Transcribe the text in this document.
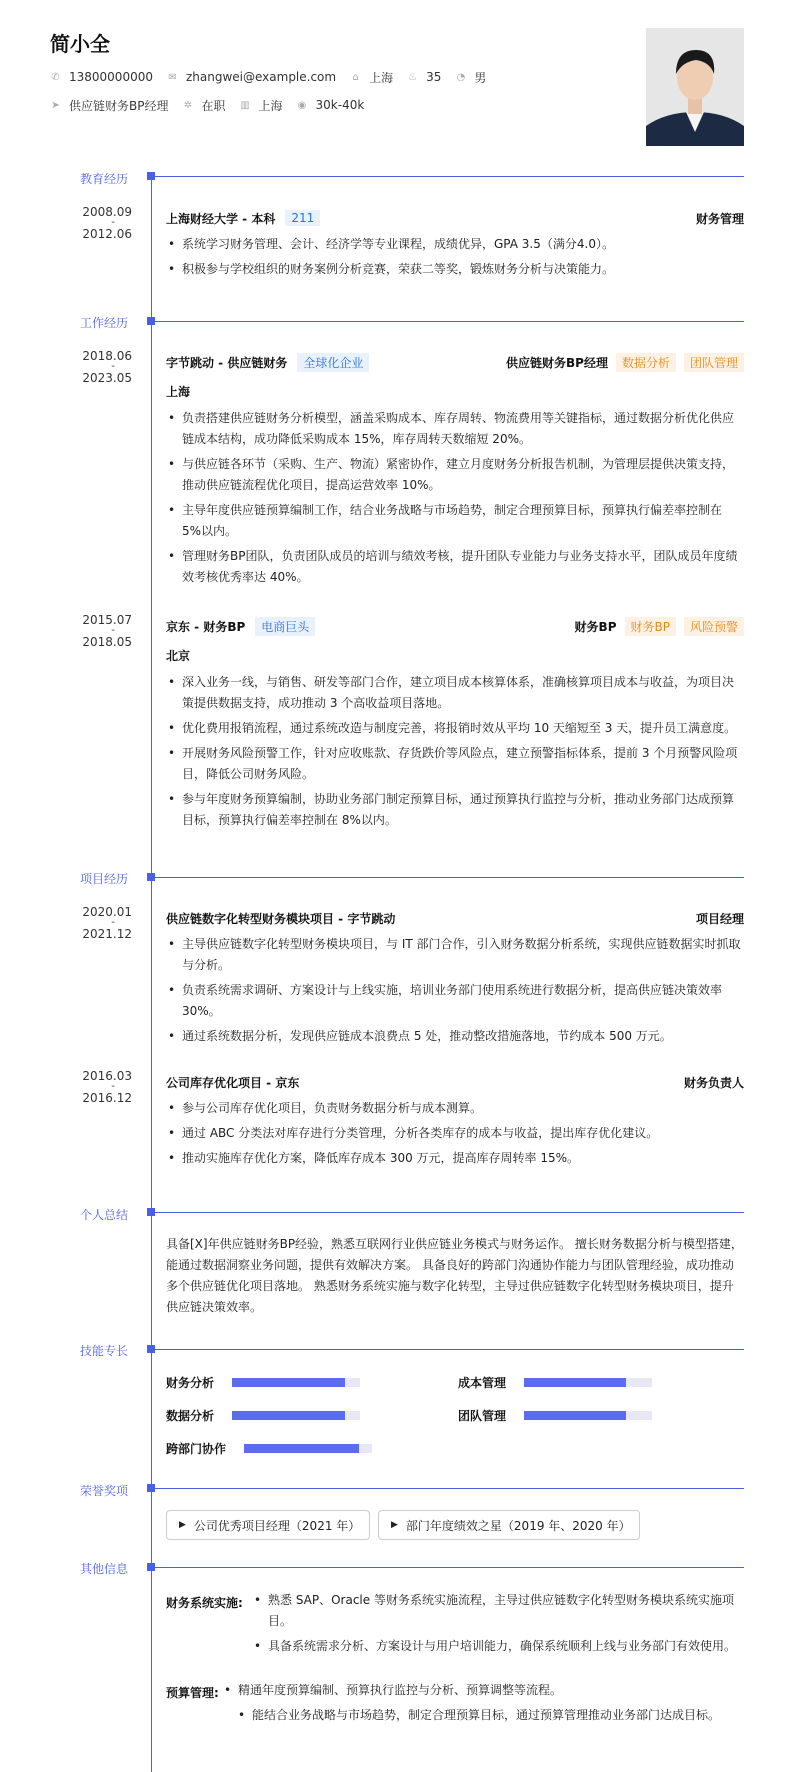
简小全
✆ 13800000000 ✉ zhangwei@example.com ⌂ 上海 ♨ 35 ◔ 男
➤ 供应链财务BP经理 ✲ 在职 ▥ 上海 ◉ 30k-40k
教育经历
2008.09
-
2012.06
上海财经大学 - 本科	211	财务管理
• 系统学习财务管理、会计、经济学等专业课程，成绩优异，GPA 3.5（满分4.0）。
• 积极参与学校组织的财务案例分析竞赛，荣获二等奖，锻炼财务分析与决策能力。
工作经历
2018.06
-
2023.05
字节跳动 - 供应链财务	全球化企业	供应链财务BP经理	数据分析	团队管理
上海
• 负责搭建供应链财务分析模型，涵盖采购成本、库存周转、物流费用等关键指标，通过数据分析优化供应链成本结构，成功降低采购成本 15%，库存周转天数缩短 20%。
• 与供应链各环节（采购、生产、物流）紧密协作，建立月度财务分析报告机制，为管理层提供决策支持，推动供应链流程优化项目，提高运营效率 10%。
• 主导年度供应链预算编制工作，结合业务战略与市场趋势，制定合理预算目标，预算执行偏差率控制在 5%以内。
• 管理财务BP团队，负责团队成员的培训与绩效考核，提升团队专业能力与业务支持水平，团队成员年度绩效考核优秀率达 40%。
2015.07
-
2018.05
京东 - 财务BP	电商巨头	财务BP	财务BP	风险预警
北京
• 深入业务一线，与销售、研发等部门合作，建立项目成本核算体系，准确核算项目成本与收益，为项目决策提供数据支持，成功推动 3 个高收益项目落地。
• 优化费用报销流程，通过系统改造与制度完善，将报销时效从平均 10 天缩短至 3 天，提升员工满意度。
• 开展财务风险预警工作，针对应收账款、存货跌价等风险点，建立预警指标体系，提前 3 个月预警风险项目，降低公司财务风险。
• 参与年度财务预算编制，协助业务部门制定预算目标，通过预算执行监控与分析，推动业务部门达成预算目标，预算执行偏差率控制在 8%以内。
项目经历
2020.01
-
2021.12
供应链数字化转型财务模块项目 - 字节跳动	项目经理
• 主导供应链数字化转型财务模块项目，与 IT 部门合作，引入财务数据分析系统，实现供应链数据实时抓取与分析。
• 负责系统需求调研、方案设计与上线实施，培训业务部门使用系统进行数据分析，提高供应链决策效率 30%。
• 通过系统数据分析，发现供应链成本浪费点 5 处，推动整改措施落地，节约成本 500 万元。
2016.03
-
2016.12
公司库存优化项目 - 京东	财务负责人
• 参与公司库存优化项目，负责财务数据分析与成本测算。
• 通过 ABC 分类法对库存进行分类管理，分析各类库存的成本与收益，提出库存优化建议。
• 推动实施库存优化方案，降低库存成本 300 万元，提高库存周转率 15%。
个人总结
具备[X]年供应链财务BP经验，熟悉互联网行业供应链业务模式与财务运作。 擅长财务数据分析与模型搭建，能通过数据洞察业务问题，提供有效解决方案。 具备良好的跨部门沟通协作能力与团队管理经验，成功推动多个供应链优化项目落地。 熟悉财务系统实施与数字化转型，主导过供应链数字化转型财务模块项目，提升供应链决策效率。
技能专长
财务分析	成本管理
数据分析	团队管理
跨部门协作
荣誉奖项
▶ 公司优秀项目经理（2021 年）	▶ 部门年度绩效之星（2019 年、2020 年）
其他信息
财务系统实施:	• 熟悉 SAP、Oracle 等财务系统实施流程，主导过供应链数字化转型财务模块系统实施项目。
• 具备系统需求分析、方案设计与用户培训能力，确保系统顺利上线与业务部门有效使用。
预算管理:	• 精通年度预算编制、预算执行监控与分析、预算调整等流程。
• 能结合业务战略与市场趋势，制定合理预算目标，通过预算管理推动业务部门达成目标。
